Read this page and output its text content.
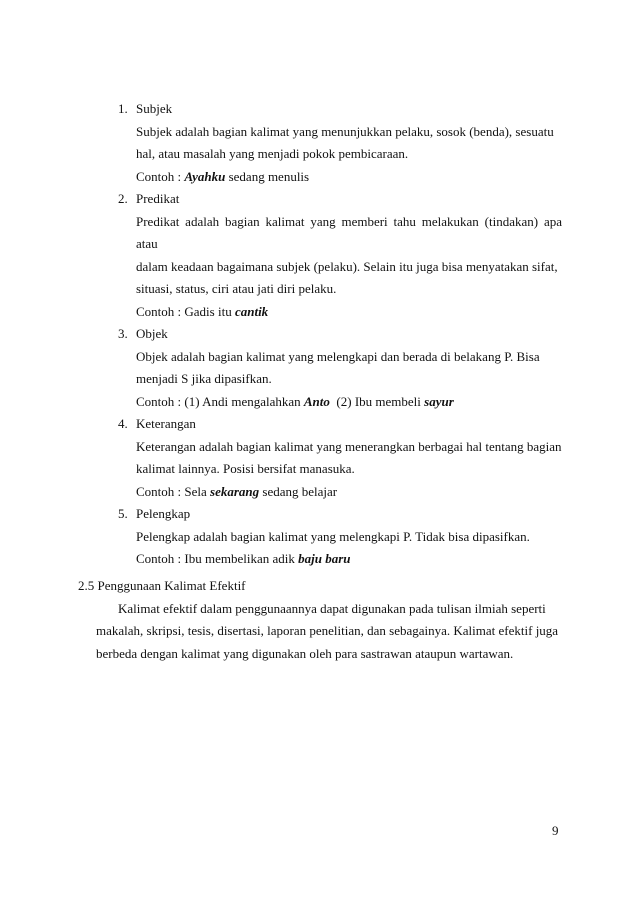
1. Subjek
Subjek adalah bagian kalimat yang menunjukkan pelaku, sosok (benda), sesuatu
hal, atau masalah yang menjadi pokok pembicaraan.
Contoh : Ayahku sedang menulis
2. Predikat
Predikat adalah bagian kalimat yang memberi tahu melakukan (tindakan) apa atau
dalam keadaan bagaimana subjek (pelaku). Selain itu juga bisa menyatakan sifat,
situasi, status, ciri atau jati diri pelaku.
Contoh : Gadis itu cantik
3. Objek
Objek adalah bagian kalimat yang melengkapi dan berada di belakang P. Bisa
menjadi S jika dipasifkan.
Contoh : (1) Andi mengalahkan Anto  (2) Ibu membeli sayur
4. Keterangan
Keterangan adalah bagian kalimat yang menerangkan berbagai hal tentang bagian
kalimat lainnya. Posisi bersifat manasuka.
Contoh : Sela sekarang sedang belajar
5. Pelengkap
Pelengkap adalah bagian kalimat yang melengkapi P. Tidak bisa dipasifkan.
Contoh : Ibu membelikan adik baju baru
2.5 Penggunaan Kalimat Efektif
Kalimat efektif dalam penggunaannya dapat digunakan pada tulisan ilmiah seperti
makalah, skripsi, tesis, disertasi, laporan penelitian, dan sebagainya. Kalimat efektif juga
berbeda dengan kalimat yang digunakan oleh para sastrawan ataupun wartawan.
9
